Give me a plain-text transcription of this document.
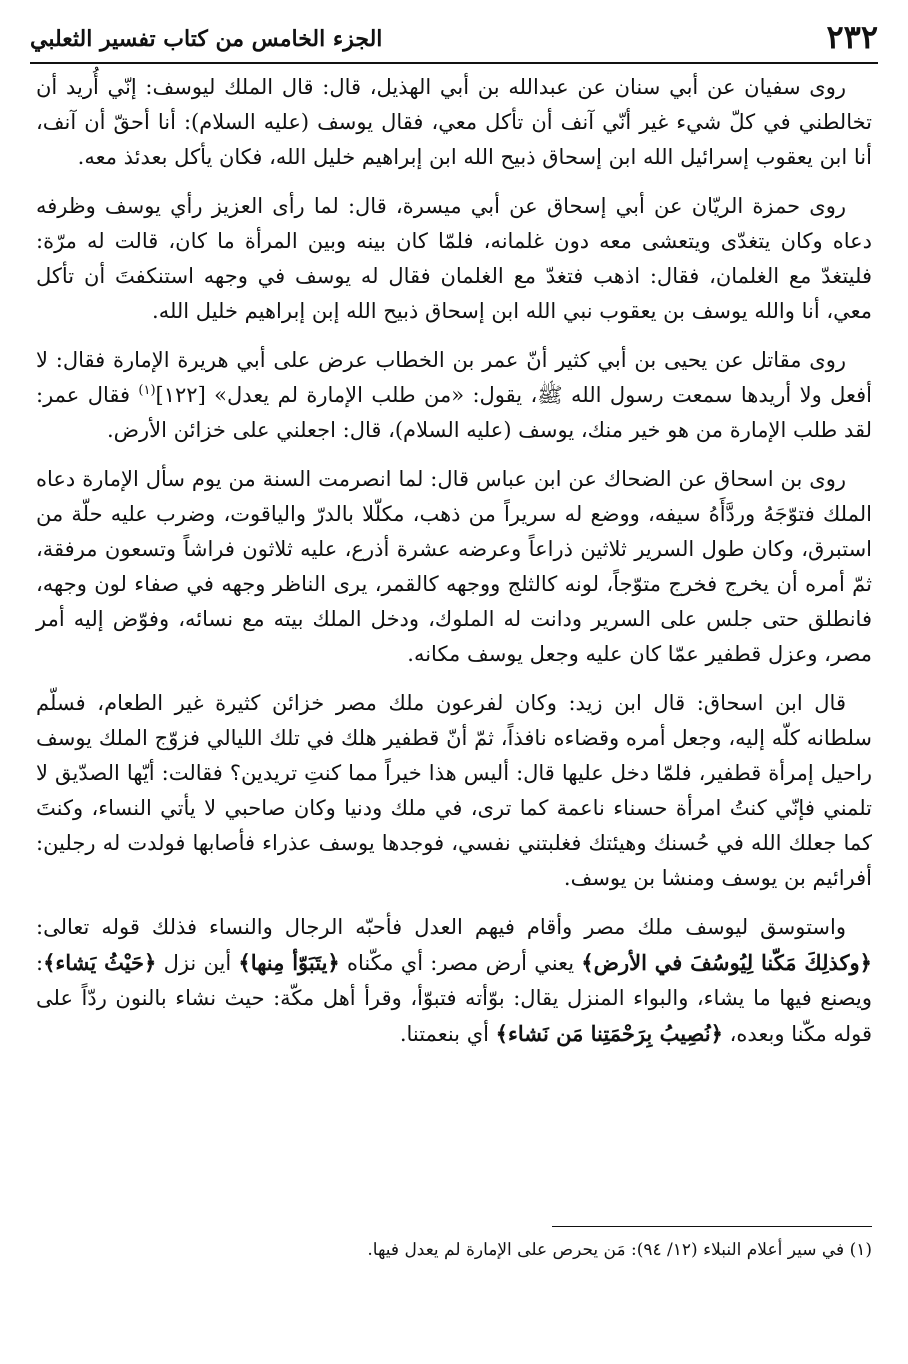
٢٣٢
الجزء الخامس من كتاب تفسير الثعلبي

روى سفيان عن أبي سنان عن عبدالله بن أبي الهذيل، قال: قال الملك ليوسف: إنّي أُريد أن تخالطني في كلّ شيء غير أنّي آنف أن تأكل معي، فقال يوسف (عليه السلام): أنا أحقّ أن آنف، أنا ابن يعقوب إسرائيل الله ابن إسحاق ذبيح الله ابن إبراهيم خليل الله، فكان يأكل بعدئذ معه.

روى حمزة الريّان عن أبي إسحاق عن أبي ميسرة، قال: لما رأى العزيز رأي يوسف وظرفه دعاه وكان يتغدّى ويتعشى معه دون غلمانه، فلمّا كان بينه وبين المرأة ما كان، قالت له مرّة: فليتغدّ مع الغلمان، فقال: اذهب فتغدّ مع الغلمان فقال له يوسف في وجهه استنكفتَ أن تأكل معي، أنا والله يوسف بن يعقوب نبي الله ابن إسحاق ذبيح الله إبن إبراهيم خليل الله.

روى مقاتل عن يحيى بن أبي كثير أنّ عمر بن الخطاب عرض على أبي هريرة الإمارة فقال: لا أفعل ولا أريدها سمعت رسول الله ﷺ، يقول: «من طلب الإمارة لم يعدل» [١٢٢]$^{(١)}$ فقال عمر: لقد طلب الإمارة من هو خير منك، يوسف (عليه السلام)، قال: اجعلني على خزائن الأرض.

روى بن اسحاق عن الضحاك عن ابن عباس قال: لما انصرمت السنة من يوم سأل الإمارة دعاه الملك فتوّجَهُ وردَّأَهُ سيفه، ووضع له سريراً من ذهب، مكلّلا بالدرّ والياقوت، وضرب عليه حلّة من استبرق، وكان طول السرير ثلاثين ذراعاً وعرضه عشرة أذرع، عليه ثلاثون فراشاً وتسعون مرفقة، ثمّ أمره أن يخرج فخرج متوّجاً، لونه كالثلج ووجهه كالقمر، يرى الناظر وجهه في صفاء لون وجهه، فانطلق حتى جلس على السرير ودانت له الملوك، ودخل الملك بيته مع نسائه، وفوّض إليه أمر مصر، وعزل قطفير عمّا كان عليه وجعل يوسف مكانه.

قال ابن اسحاق: قال ابن زيد: وكان لفرعون ملك مصر خزائن كثيرة غير الطعام، فسلّم سلطانه كلّه إليه، وجعل أمره وقضاءه نافذاً، ثمّ أنّ قطفير هلك في تلك الليالي فزوّج الملك يوسف راحيل إمرأة قطفير، فلمّا دخل عليها قال: أليس هذا خيراً مما كنتِ تريدين؟ فقالت: أيّها الصدّيق لا تلمني فإنّي كنتُ امرأة حسناء ناعمة كما ترى، في ملك ودنيا وكان صاحبي لا يأتي النساء، وكنتَ كما جعلك الله في حُسنك وهيئتك فغلبتني نفسي، فوجدها يوسف عذراء فأصابها فولدت له رجلين: أفرائيم بن يوسف ومنشا بن يوسف.

واستوسق ليوسف ملك مصر وأقام فيهم العدل فأحبّه الرجال والنساء فذلك قوله تعالى: ﴿وكذلِكَ مَكّنا لِيُوسُفَ في الأرض﴾ يعني أرض مصر: أي مكّناه ﴿يتَبَوّأ مِنها﴾ أين نزل ﴿حَيْثُ يَشاء﴾: ويصنع فيها ما يشاء، والبواء المنزل يقال: بوّأته فتبوّأ، وقرأ أهل مكّة: حيث نشاء بالنون ردّاً على قوله مكّنا وبعده، ﴿نُصِيبُ بِرَحْمَتِنا مَن نَشاء﴾ أي بنعمتنا.

(١) في سير أعلام النبلاء (١٢/ ٩٤): مَن يحرص على الإمارة لم يعدل فيها.
